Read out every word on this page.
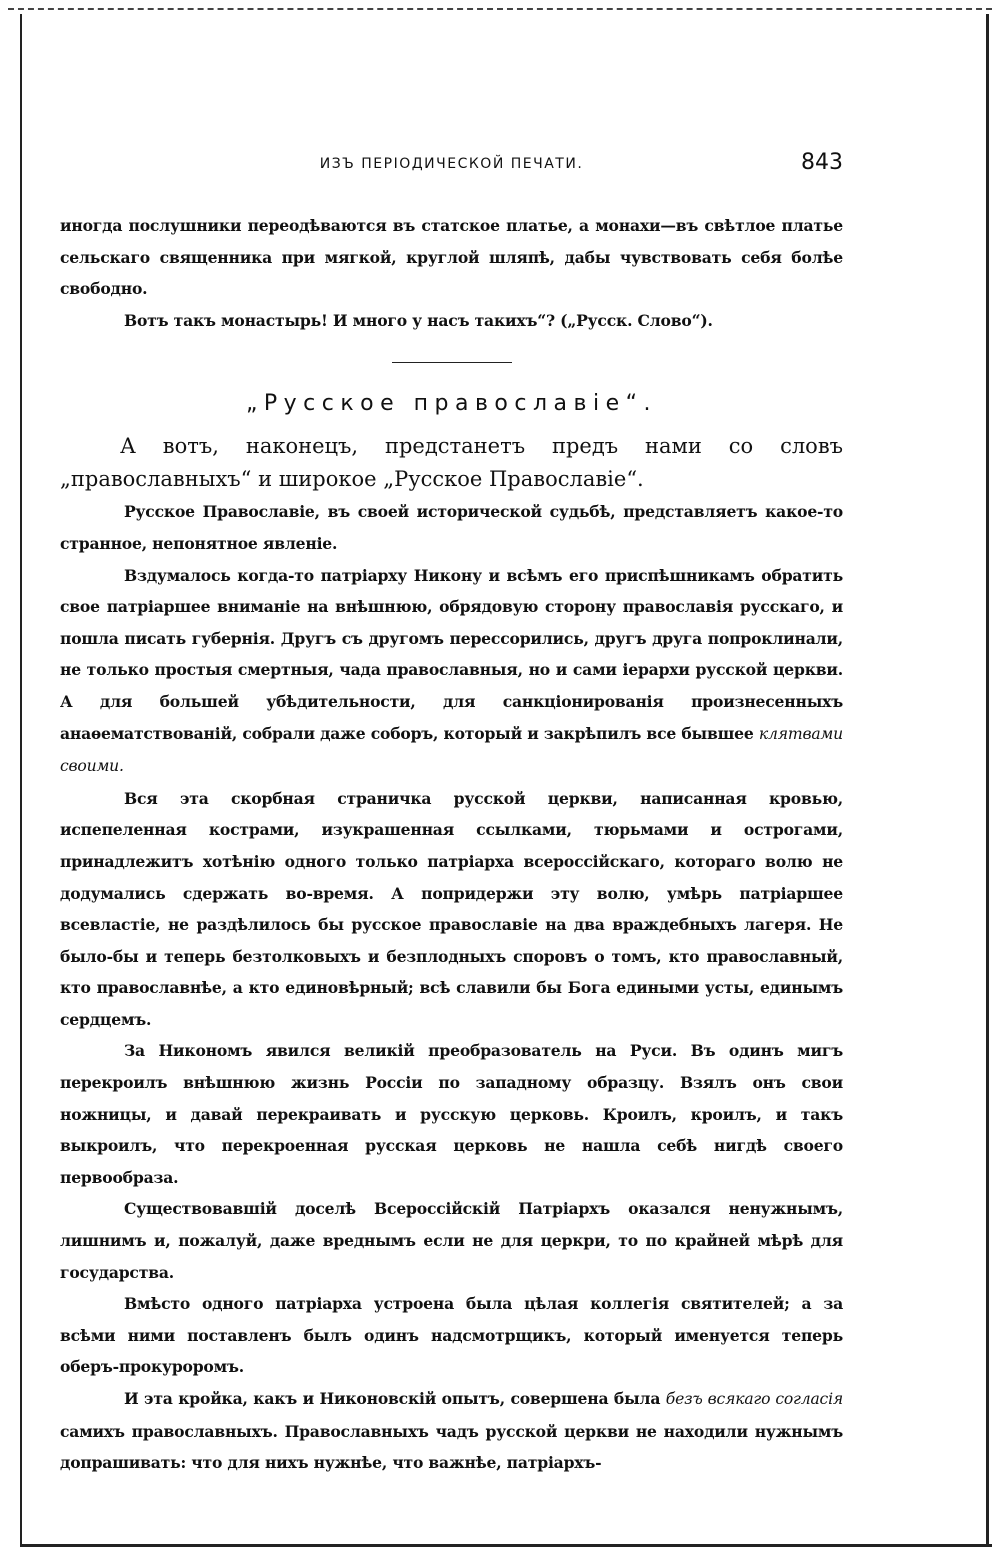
ИЗЪ ПЕРІОДИЧЕСКОЙ ПЕЧАТИ.	843

иногда послушники переодѣваются въ статское платье, а монахи—въ свѣтлое платье сельскаго священника при мягкой, круглой шляпѣ, дабы чувствовать себя болѣе свободно.

Вотъ такъ монастырь! И много у насъ такихъ“? („Русск. Слово“).

„Русское православіе“.

А вотъ, наконецъ, предстанетъ предъ нами со словъ „православныхъ“ и широкое „Русское Православіе“.

Русское Православіе, въ своей исторической судьбѣ, представляетъ какое-то странное, непонятное явленіе.

Вздумалось когда-то патріарху Никону и всѣмъ его приспѣшникамъ обратить свое патріаршее вниманіе на внѣшнюю, обрядовую сторону православія русскаго, и пошла писать губернія. Другъ съ другомъ перессорились, другъ друга попроклинали, не только простыя смертныя, чада православныя, но и сами іерархи русской церкви. А для большей убѣдительности, для санкціонированія произнесенныхъ анаѳематствованій, собрали даже соборъ, который и закрѣпилъ все бывшее клятвами своими.

Вся эта скорбная страничка русской церкви, написанная кровью, испепеленная кострами, изукрашенная ссылками, тюрьмами и острогами, принадлежитъ хотѣнію одного только патріарха всероссійскаго, котораго волю не додумались сдержать во-время. А попридержи эту волю, умѣрь патріаршее всевластіе, не раздѣлилось бы русское православіе на два враждебныхъ лагеря. Не было-бы и теперь безтолковыхъ и безплодныхъ споровъ о томъ, кто православный, кто православнѣе, а кто единовѣрный; всѣ славили бы Бога едиными усты, единымъ сердцемъ.

За Никономъ явился великій преобразователь на Руси. Въ одинъ мигъ перекроилъ внѣшнюю жизнь Россіи по западному образцу. Взялъ онъ свои ножницы, и давай перекраивать и русскую церковь. Кроилъ, кроилъ, и такъ выкроилъ, что перекроенная русская церковь не нашла себѣ нигдѣ своего первообраза.

Существовавшій доселѣ Всероссійскій Патріархъ оказался ненужнымъ, лишнимъ и, пожалуй, даже вреднымъ если не для церкри, то по крайней мѣрѣ для государства.

Вмѣсто одного патріарха устроена была цѣлая коллегія святителей; а за всѣми ними поставленъ былъ одинъ надсмотрщикъ, который именуется теперь оберъ-прокуроромъ.

И эта кройка, какъ и Никоновскій опытъ, совершена была безъ всякаго согласія самихъ православныхъ. Православныхъ чадъ русской церкви не находили нужнымъ допрашивать: что для нихъ нужнѣе, что важнѣе, патріархъ-
